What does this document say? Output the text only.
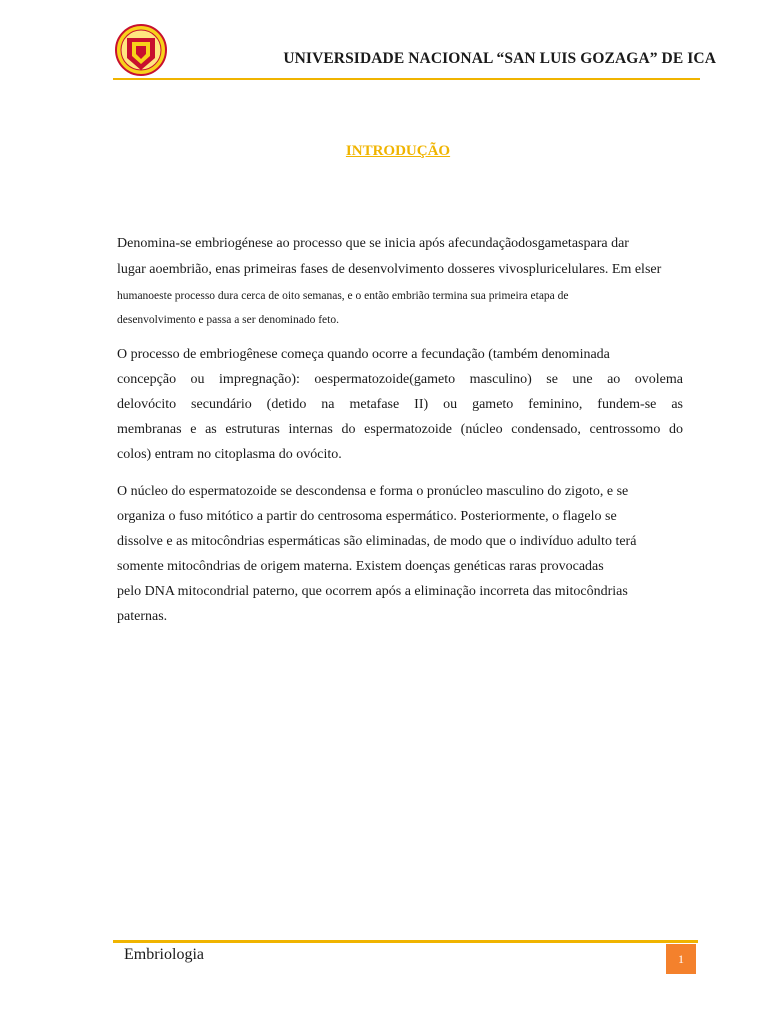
UNIVERSIDADE NACIONAL “SAN LUIS GOZAGA” DE ICA
INTRODUÇÃO
Denomina-se embriogénese ao processo que se inicia após afecundaçãodosgametaspara dar
lugar aoembrião, enas primeiras fases de desenvolvimento dosseres vivospluricelulares. Em elser
humanoeste processo dura cerca de oito semanas, e o então embrião termina sua primeira etapa de
desenvolvimento e passa a ser denominado feto.
O processo de embriogênese começa quando ocorre a fecundação (também denominada
concepção ou impregnação): oespermatozoide(gameto masculino) se une ao ovolema
delovócito secundário (detido na metafase II) ou gameto feminino, fundem-se as
membranas e as estruturas internas do espermatozoide (núcleo condensado, centrossomo do
colos) entram no citoplasma do ovócito.
O núcleo do espermatozoide se descondensa e forma o pronúcleo masculino do zigoto, e se
organiza o fuso mitótico a partir do centrosoma espermático. Posteriormente, o flagelo se
dissolve e as mitocôndrias espermáticas são eliminadas, de modo que o indivíduo adulto terá
somente mitocôndrias de origem materna. Existem doenças genéticas raras provocadas
pelo DNA mitocondrial paterno, que ocorrem após a eliminação incorreta das mitocôndrias
paternas.
Embriologia	1
